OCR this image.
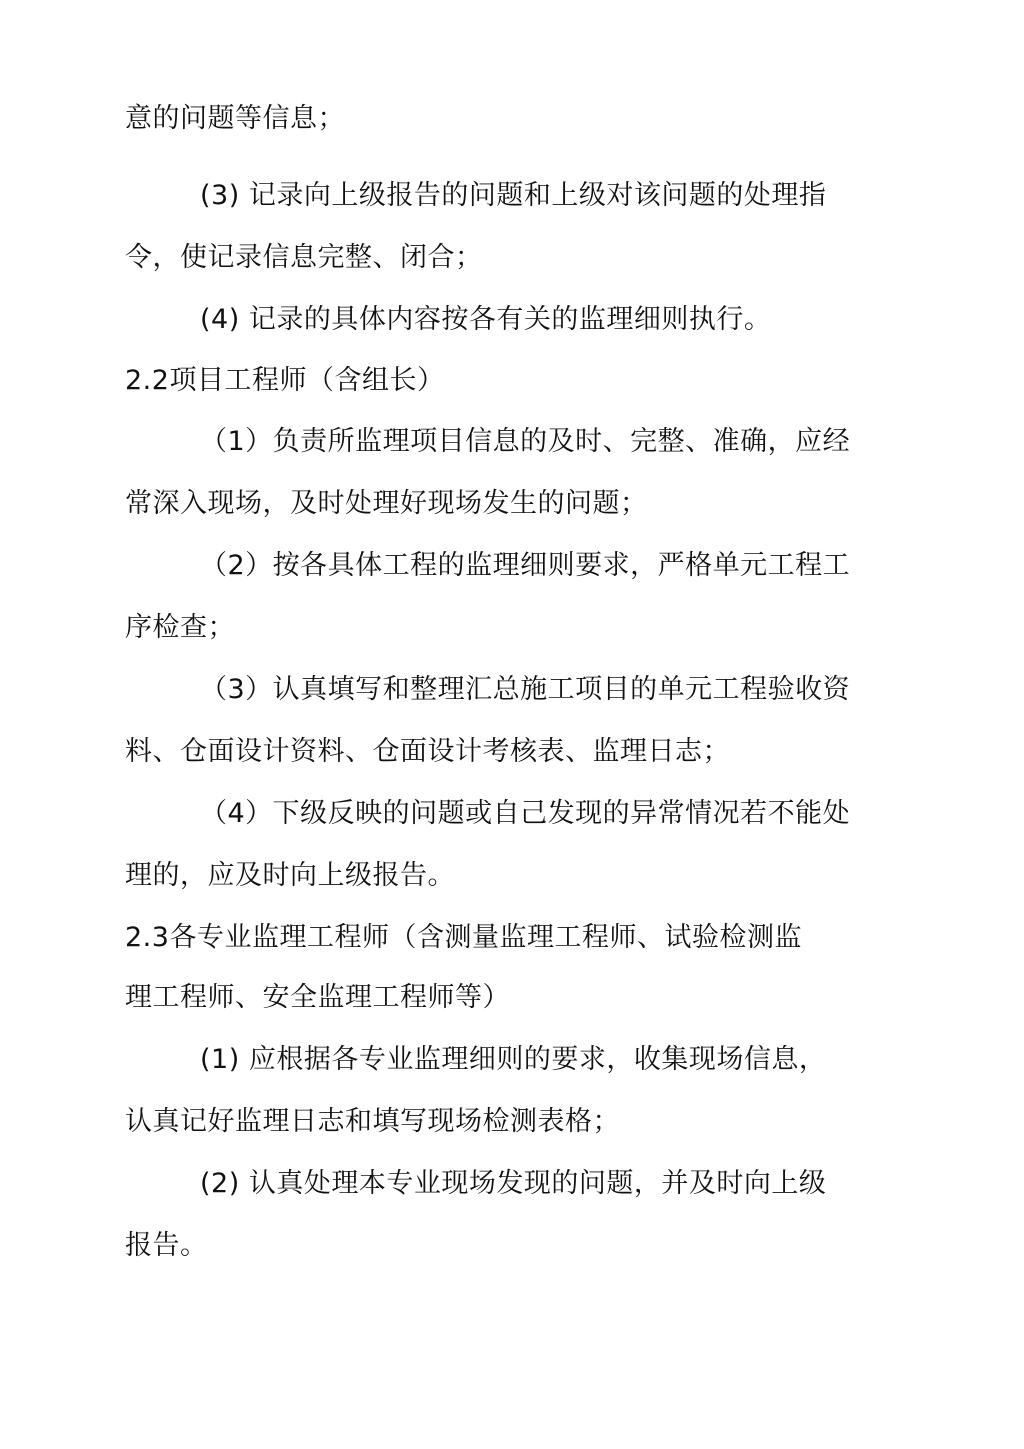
意的问题等信息；
(3) 记录向上级报告的问题和上级对该问题的处理指
令，使记录信息完整、闭合；
(4) 记录的具体内容按各有关的监理细则执行。
2.2项目工程师（含组长）
（1）负责所监理项目信息的及时、完整、准确，应经
常深入现场，及时处理好现场发生的问题；
（2）按各具体工程的监理细则要求，严格单元工程工
序检查；
（3）认真填写和整理汇总施工项目的单元工程验收资
料、仓面设计资料、仓面设计考核表、监理日志；
（4）下级反映的问题或自己发现的异常情况若不能处
理的，应及时向上级报告。
2.3各专业监理工程师（含测量监理工程师、试验检测监
理工程师、安全监理工程师等）
(1) 应根据各专业监理细则的要求，收集现场信息，
认真记好监理日志和填写现场检测表格；
(2) 认真处理本专业现场发现的问题，并及时向上级
报告。
